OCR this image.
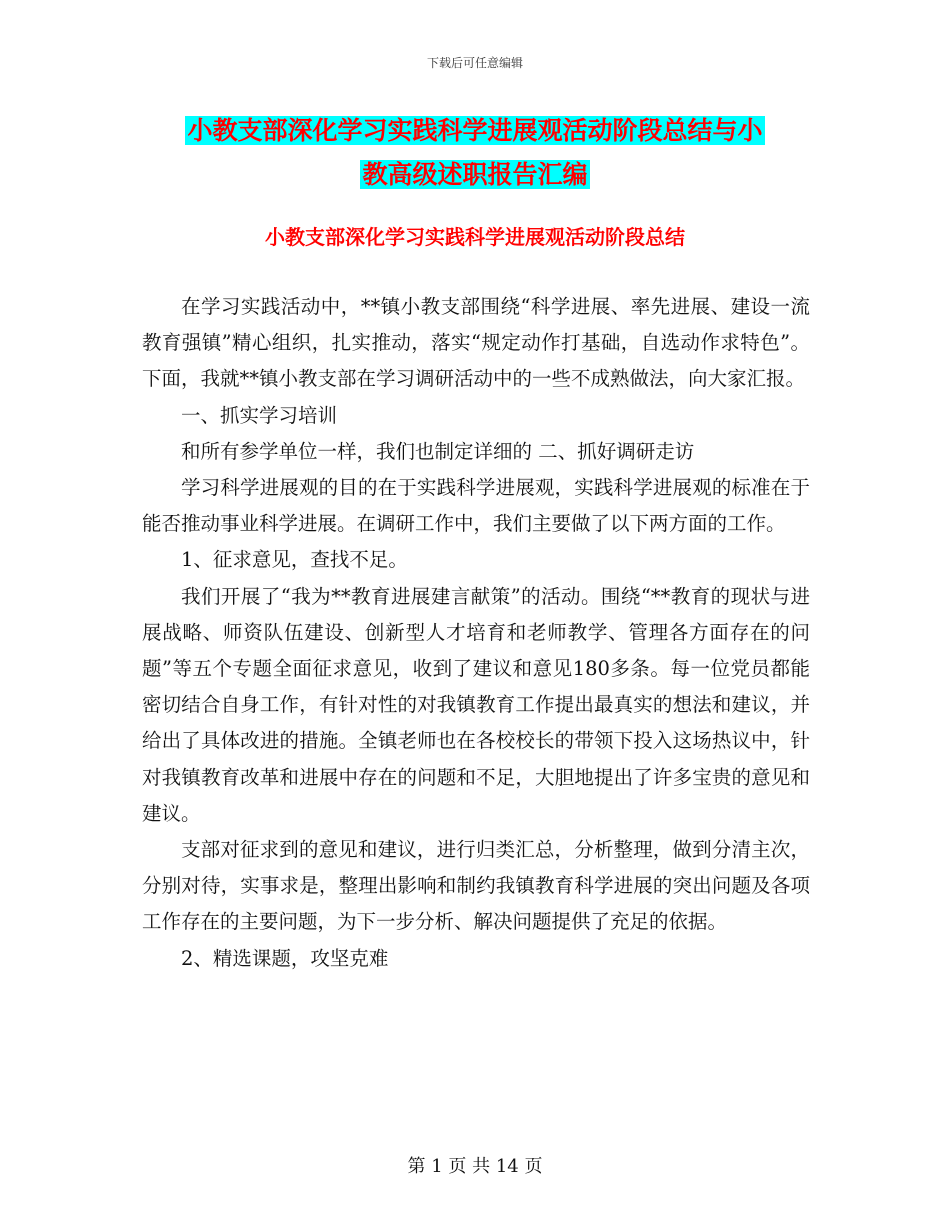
下载后可任意编辑
小教支部深化学习实践科学进展观活动阶段总结与小
教高级述职报告汇编
小教支部深化学习实践科学进展观活动阶段总结

在学习实践活动中，**镇小教支部围绕“科学进展、率先进展、建设一流教育强镇”精心组织，扎实推动，落实“规定动作打基础，自选动作求特色”。下面，我就**镇小教支部在学习调研活动中的一些不成熟做法，向大家汇报。

一、抓实学习培训

和所有参学单位一样，我们也制定详细的 二、抓好调研走访

学习科学进展观的目的在于实践科学进展观，实践科学进展观的标准在于能否推动事业科学进展。在调研工作中，我们主要做了以下两方面的工作。

1、征求意见，查找不足。

我们开展了“我为**教育进展建言献策”的活动。围绕“**教育的现状与进展战略、师资队伍建设、创新型人才培育和老师教学、管理各方面存在的问题”等五个专题全面征求意见，收到了建议和意见180多条。每一位党员都能密切结合自身工作，有针对性的对我镇教育工作提出最真实的想法和建议，并给出了具体改进的措施。全镇老师也在各校校长的带领下投入这场热议中，针对我镇教育改革和进展中存在的问题和不足，大胆地提出了许多宝贵的意见和建议。

支部对征求到的意见和建议，进行归类汇总，分析整理，做到分清主次，分别对待，实事求是，整理出影响和制约我镇教育科学进展的突出问题及各项工作存在的主要问题，为下一步分析、解决问题提供了充足的依据。

2、精选课题，攻坚克难

第 1 页 共 14 页
